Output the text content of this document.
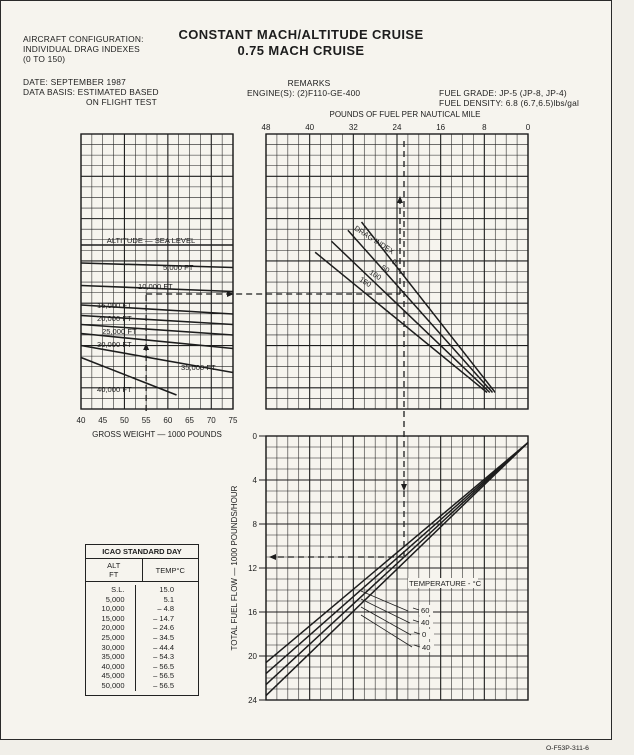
AIRCRAFT CONFIGURATION:
INDIVIDUAL DRAG INDEXES
(0 TO 150)
CONSTANT MACH/ALTITUDE CRUISE
0.75 MACH CRUISE
DATE: SEPTEMBER 1987
DATA BASIS: ESTIMATED BASED
ON FLIGHT TEST
REMARKS
ENGINE(S): (2)F110-GE-400	FUEL GRADE: JP-5 (JP-8, JP-4)
FUEL DENSITY: 6.8 (6.7,6.5)lbs/gal
ALTITUDE — SEA LEVEL
5,000 FT
10,000 FT
15,000 FT
20,000 FT
25,000 FT
30,000 FT
35,000 FT
40,000 FT
40 45 50 55 60 65 70 75
GROSS WEIGHT — 1000 POUNDS
48	40	32	24	16	8	0
POUNDS OF FUEL PER NAUTICAL MILE
DRAG INDEX
0
50
100
150
0
4
8
12
16
20
24
TOTAL FUEL FLOW — 1000 POUNDS/HOUR	TEMPERATURE - °C
60
40
0
40
ICAO STANDARD DAY
ALT
FT	TEMP°C
S.L.	15.0
5,000	5.1
10,000	– 4.8
15,000	– 14.7
20,000	– 24.6
25,000	– 34.5
30,000	– 44.4
35,000	– 54.3
40,000	– 56.5
45,000	– 56.5
50,000	– 56.5
O-F53P-311-6
